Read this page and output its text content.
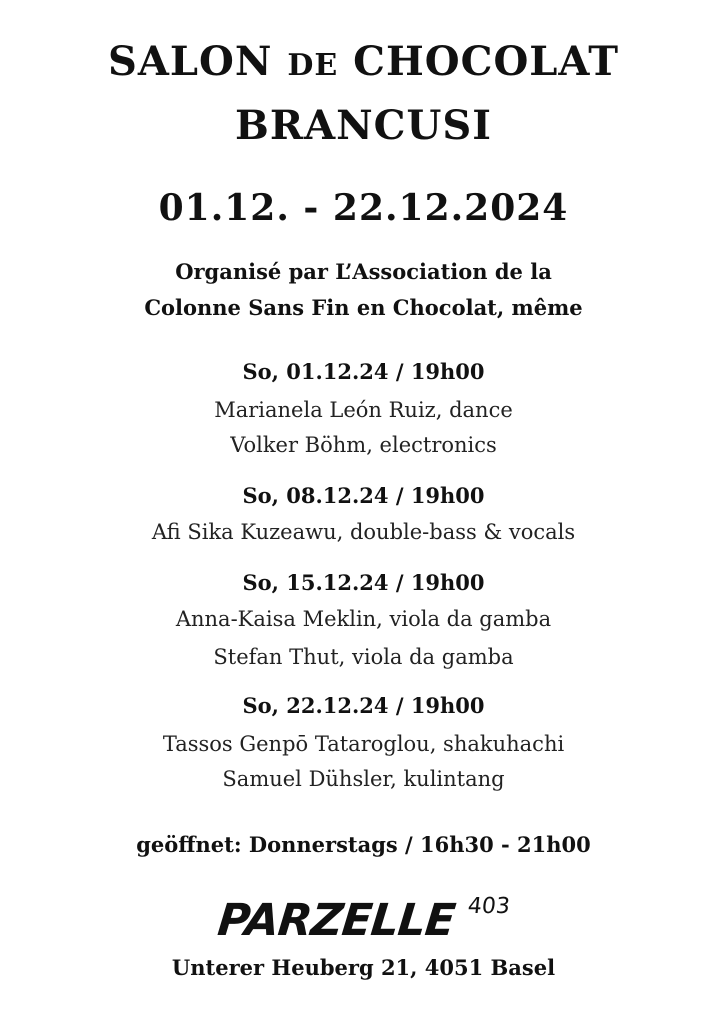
SALON DE CHOCOLAT
BRANCUSI
01.12. - 22.12.2024
Organisé par L’Association de la
Colonne Sans Fin en Chocolat, même
So, 01.12.24 / 19h00
Marianela León Ruiz, dance
Volker Böhm, electronics
So, 08.12.24 / 19h00
Afi Sika Kuzeawu, double-bass & vocals
So, 15.12.24 / 19h00
Anna-Kaisa Meklin, viola da gamba
Stefan Thut, viola da gamba
So, 22.12.24 / 19h00
Tassos Genpō Tataroglou, shakuhachi
Samuel Dühsler, kulintang
geöffnet: Donnerstags / 16h30 - 21h00
PARZELLE 403
Unterer Heuberg 21, 4051 Basel
